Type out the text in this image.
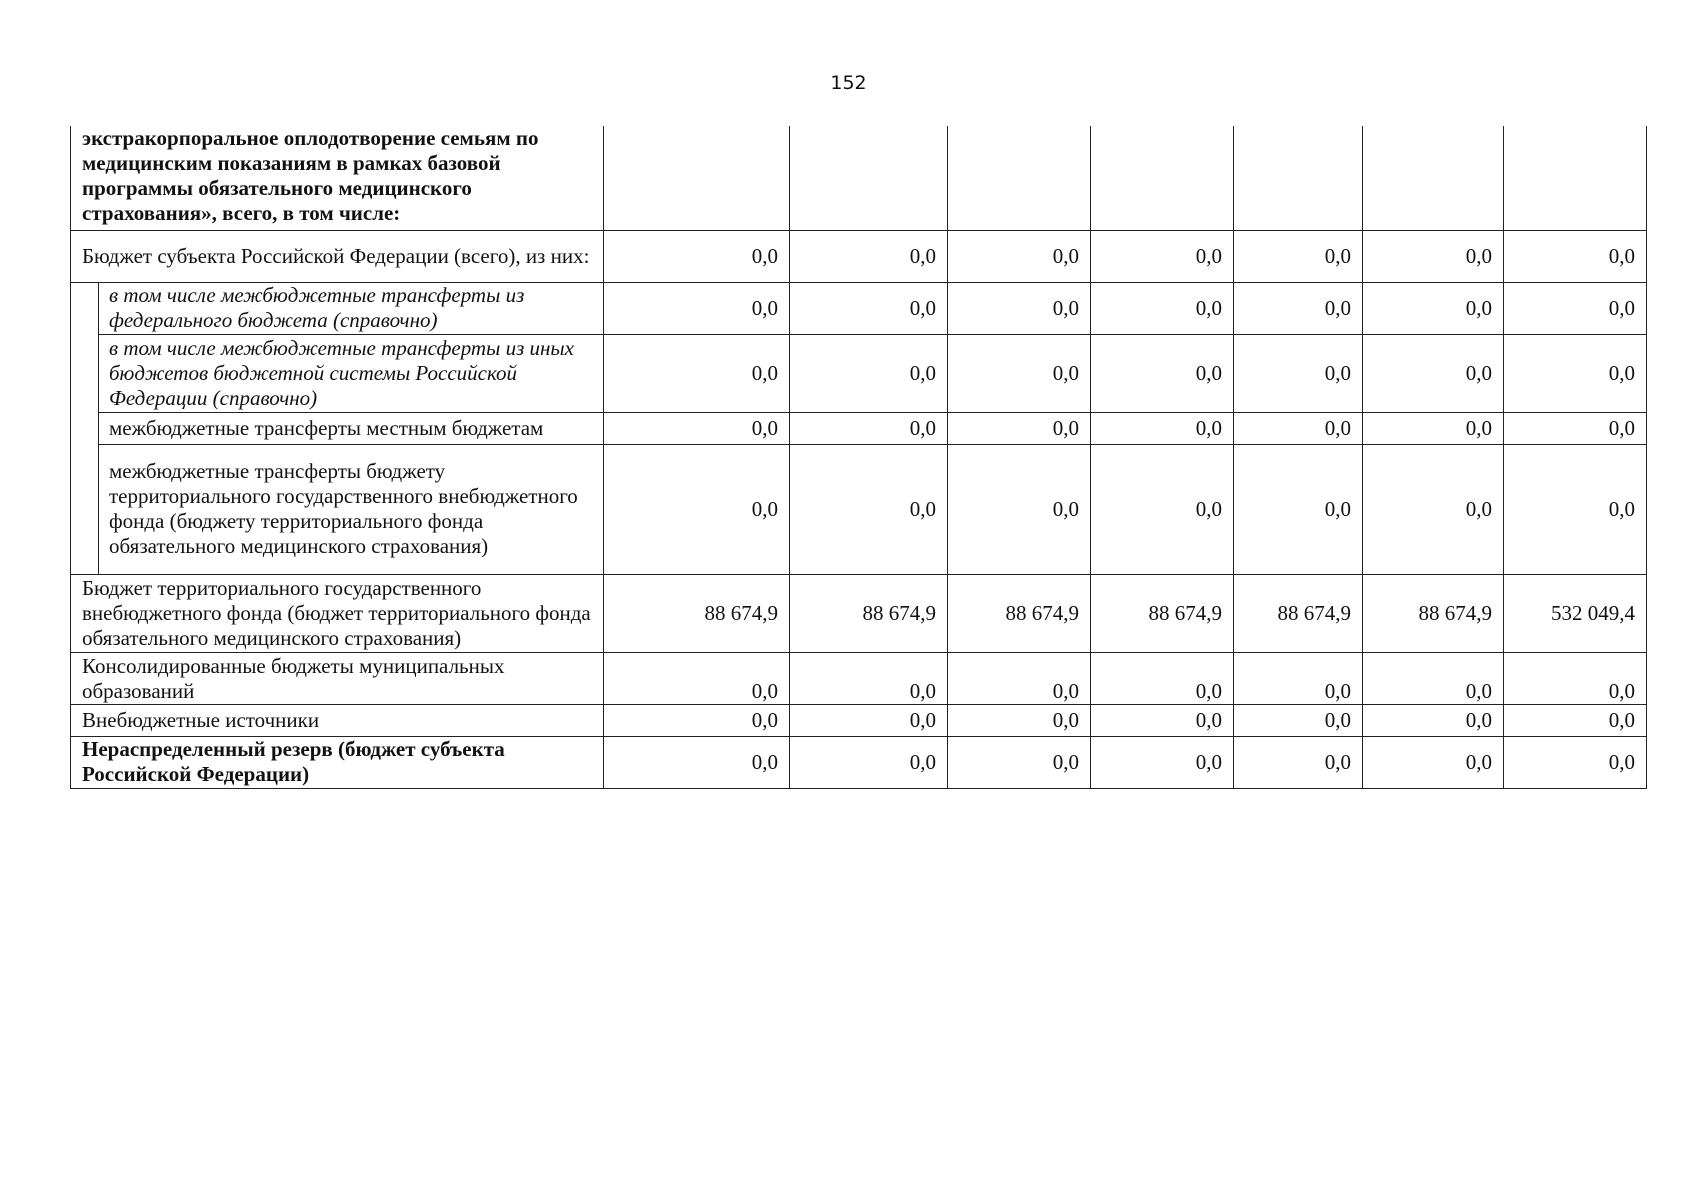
152
экстракорпоральное оплодотворение семьям по медицинским показаниям в рамках базовой программы обязательного медицинского страхования», всего, в том числе:								
Бюджет субъекта Российской Федерации (всего), из них:		0,0	0,0	0,0	0,0	0,0	0,0	0,0
	в том числе межбюджетные трансферты из федерального бюджета (справочно)	0,0	0,0	0,0	0,0	0,0	0,0	0,0
	в том числе межбюджетные трансферты из иных бюджетов бюджетной системы Российской Федерации (справочно)	0,0	0,0	0,0	0,0	0,0	0,0	0,0
	межбюджетные трансферты местным бюджетам	0,0	0,0	0,0	0,0	0,0	0,0	0,0
	межбюджетные трансферты бюджету территориального государственного внебюджетного фонда (бюджету территориального фонда обязательного медицинского страхования)	0,0	0,0	0,0	0,0	0,0	0,0	0,0
Бюджет территориального государственного внебюджетного фонда (бюджет территориального фонда обязательного медицинского страхования)		88 674,9	88 674,9	88 674,9	88 674,9	88 674,9	88 674,9	532 049,4
Консолидированные бюджеты муниципальных образований		0,0	0,0	0,0	0,0	0,0	0,0	0,0
Внебюджетные источники		0,0	0,0	0,0	0,0	0,0	0,0	0,0
Нераспределенный резерв (бюджет субъекта Российской Федерации)		0,0	0,0	0,0	0,0	0,0	0,0	0,0
